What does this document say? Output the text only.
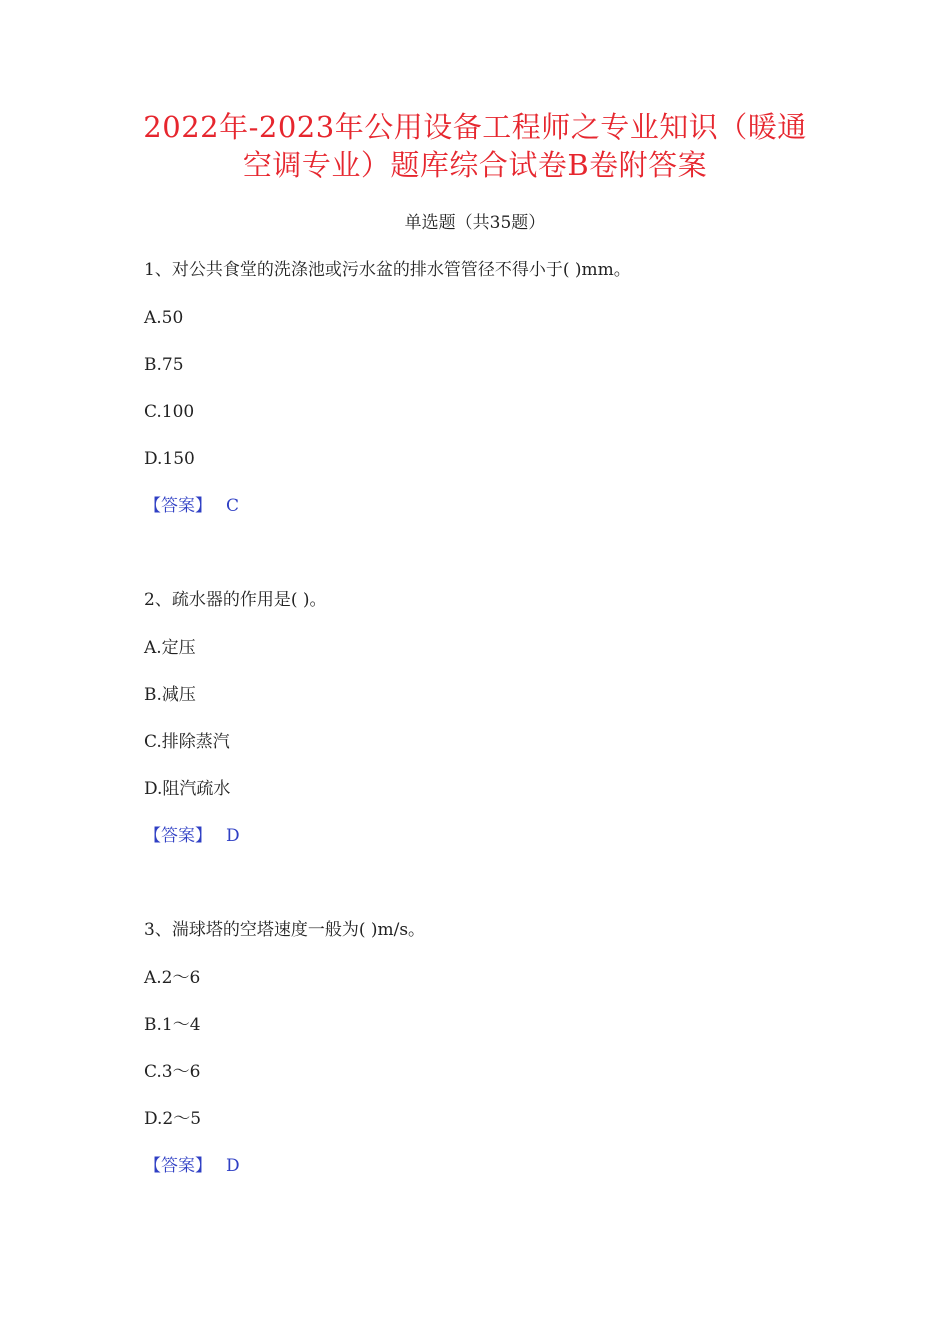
2022年-2023年公用设备工程师之专业知识（暖通
空调专业）题库综合试卷B卷附答案
单选题（共35题）
1、对公共食堂的洗涤池或污水盆的排水管管径不得小于( )mm。
A.50
B.75
C.100
D.150
【答案】 C
2、疏水器的作用是( )。
A.定压
B.减压
C.排除蒸汽
D.阻汽疏水
【答案】 D
3、湍球塔的空塔速度一般为( )m/s。
A.2～6
B.1～4
C.3～6
D.2～5
【答案】 D
